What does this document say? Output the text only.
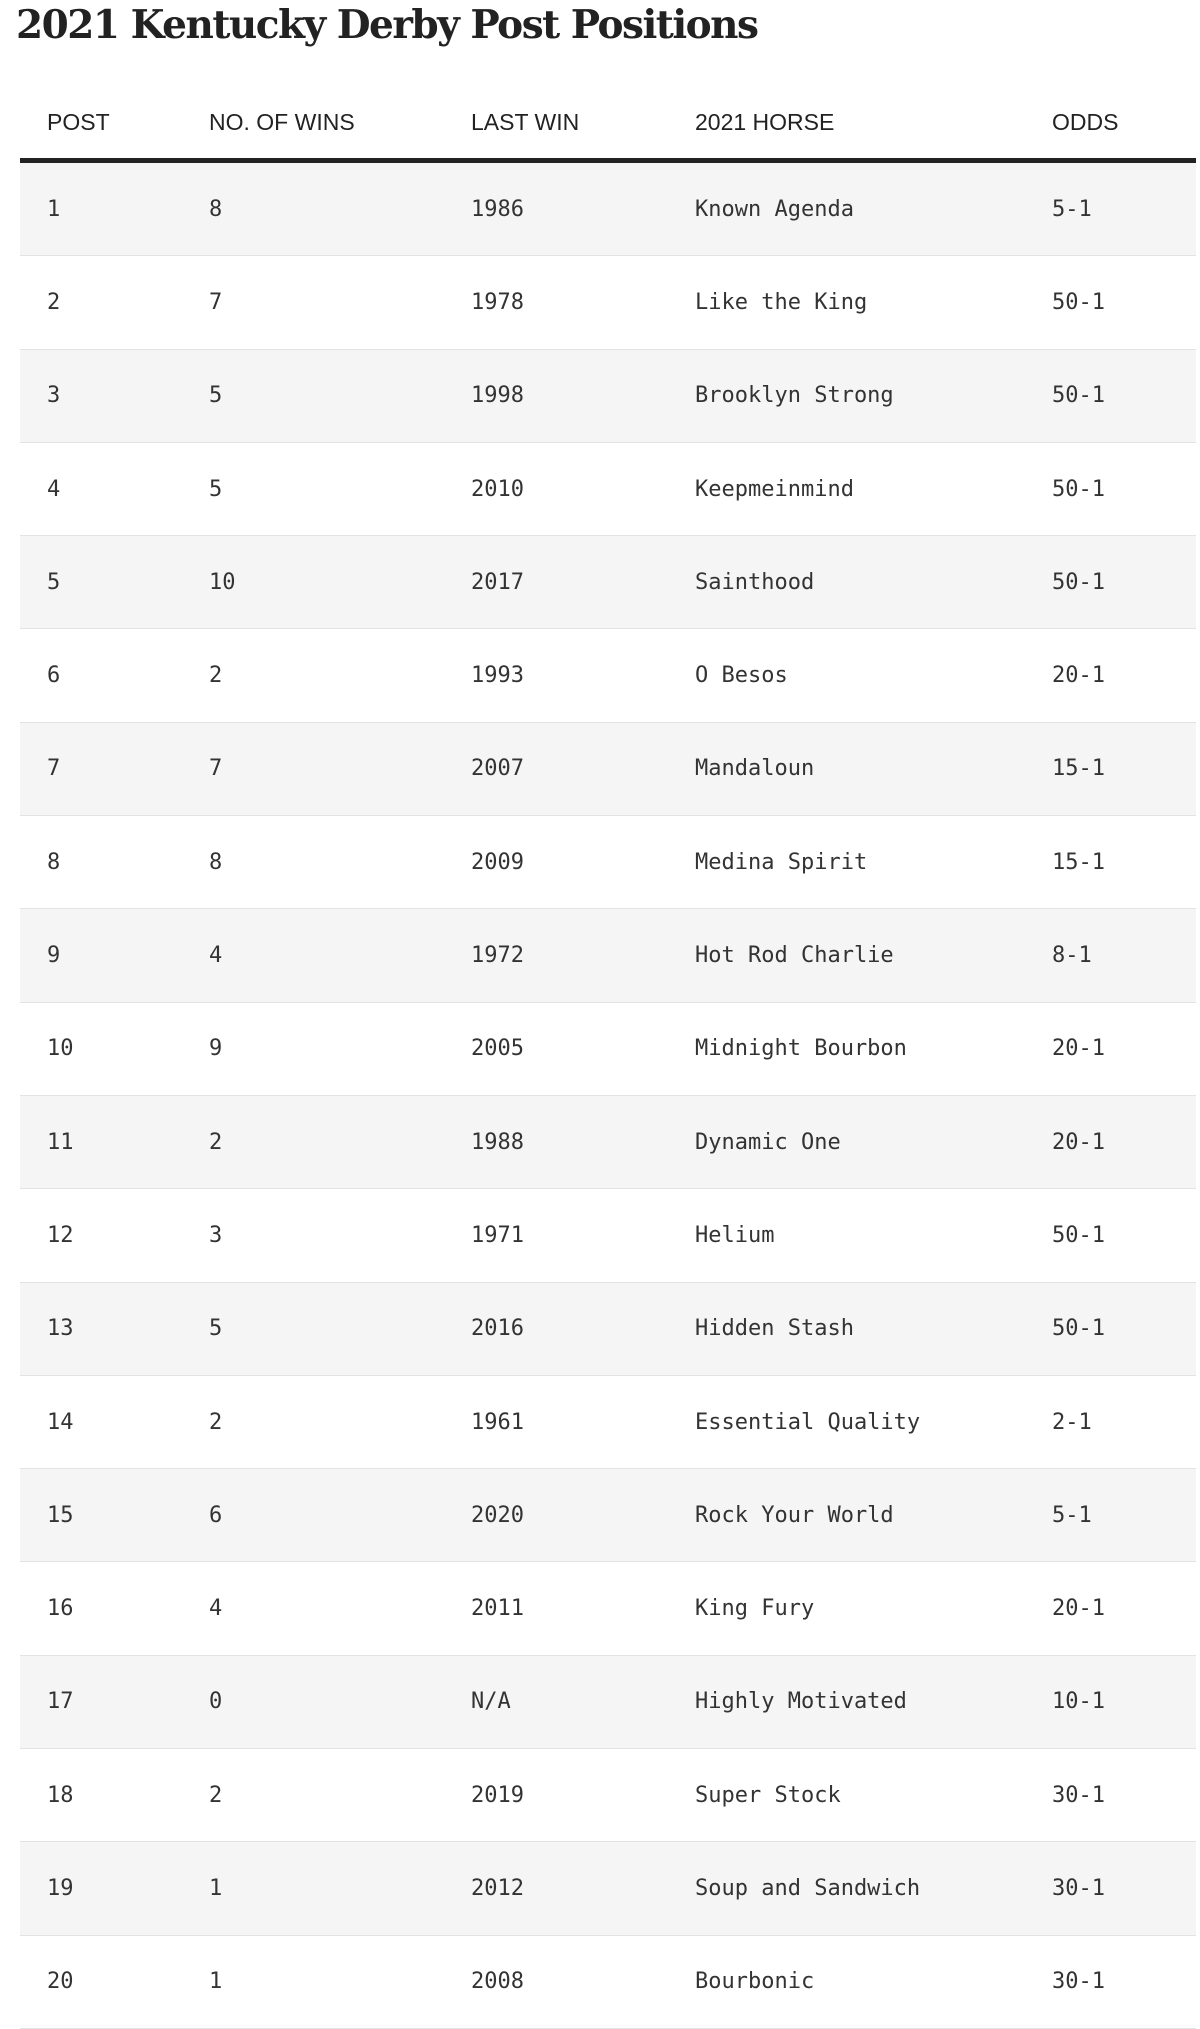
2021 Kentucky Derby Post Positions
POST	NO. OF WINS	LAST WIN	2021 HORSE	ODDS
1	8	1986	Known Agenda	5-1
2	7	1978	Like the King	50-1
3	5	1998	Brooklyn Strong	50-1
4	5	2010	Keepmeinmind	50-1
5	10	2017	Sainthood	50-1
6	2	1993	O Besos	20-1
7	7	2007	Mandaloun	15-1
8	8	2009	Medina Spirit	15-1
9	4	1972	Hot Rod Charlie	8-1
10	9	2005	Midnight Bourbon	20-1
11	2	1988	Dynamic One	20-1
12	3	1971	Helium	50-1
13	5	2016	Hidden Stash	50-1
14	2	1961	Essential Quality	2-1
15	6	2020	Rock Your World	5-1
16	4	2011	King Fury	20-1
17	0	N/A	Highly Motivated	10-1
18	2	2019	Super Stock	30-1
19	1	2012	Soup and Sandwich	30-1
20	1	2008	Bourbonic	30-1
